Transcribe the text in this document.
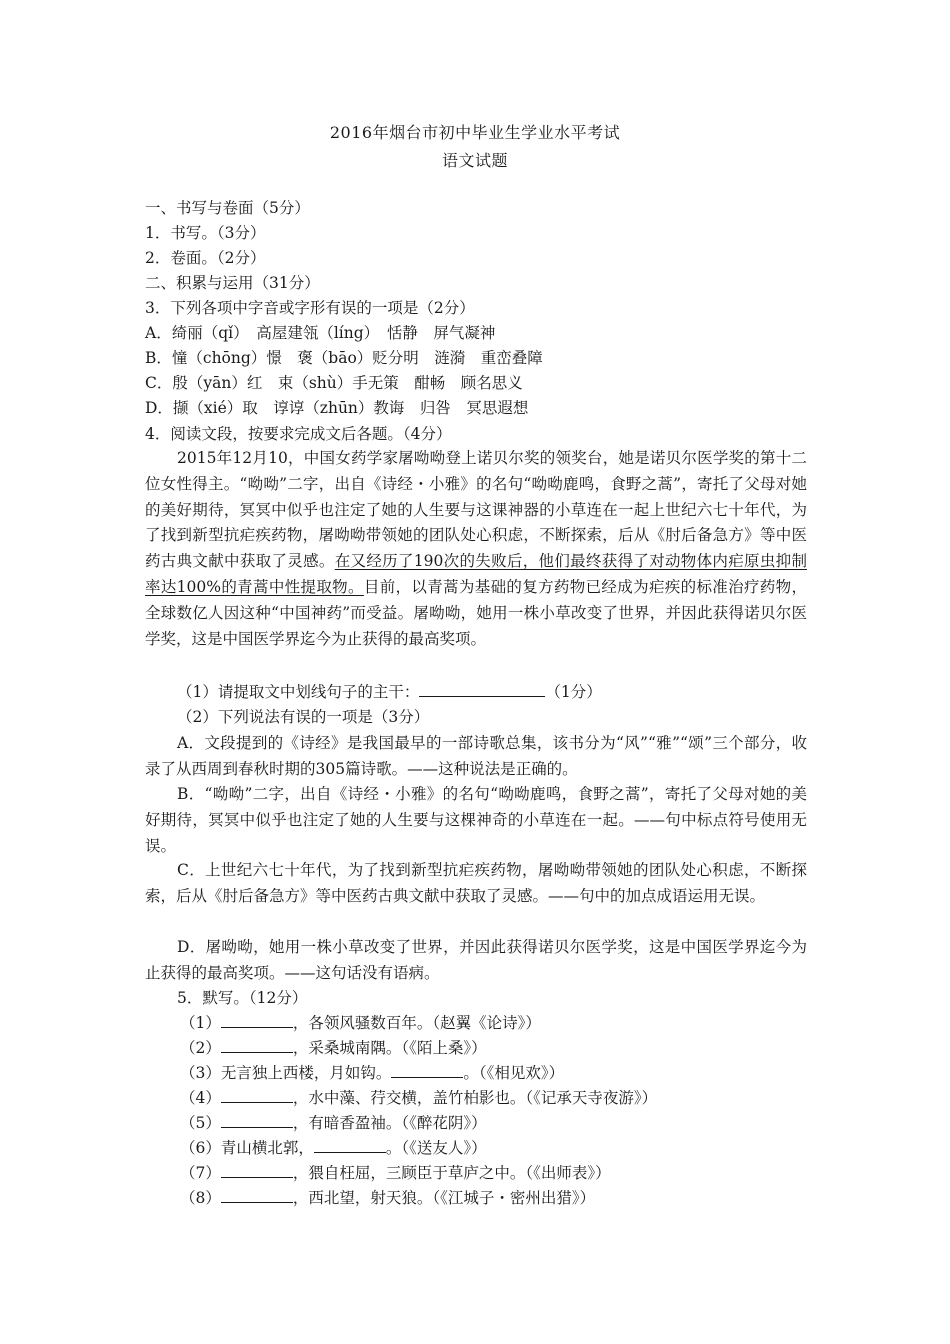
2016年烟台市初中毕业生学业水平考试
语文试题
一、书写与卷面（5分）
1．书写。（3分）
2．卷面。（2分）
二、积累与运用（31分）
3．下列各项中字音或字形有误的一项是（2分）
A．绮丽（qǐ）　高屋建瓴（líng）　恬静　屏气凝神
B．憧（chōng）憬　褒（bāo）贬分明　涟漪　重峦叠障
C．殷（yān）红　束（shù）手无策　酣畅　顾名思义
D．撷（xié）取　谆谆（zhūn）教诲　归咎　冥思遐想
4．阅读文段，按要求完成文后各题。（4分）
2015年12月10，中国女药学家屠呦呦登上诺贝尔奖的领奖台，她是诺贝尔医学奖的第十二位女性得主。“呦呦”二字，出自《诗经・小雅》的名句“呦呦鹿鸣，食野之蒿”，寄托了父母对她的美好期待，冥冥中似乎也注定了她的人生要与这课神器的小草连在一起上世纪六七十年代，为了找到新型抗疟疾药物，屠呦呦带领她的团队处心积虑，不断探索，后从《肘后备急方》等中医药古典文献中获取了灵感。在又经历了190次的失败后，他们最终获得了对动物体内疟原虫抑制率达100%的青蒿中性提取物。目前，以青蒿为基础的复方药物已经成为疟疾的标准治疗药物，全球数亿人因这种“中国神药”而受益。屠呦呦，她用一株小草改变了世界，并因此获得诺贝尔医学奖，这是中国医学界迄今为止获得的最高奖项。
（1）请提取文中划线句子的主干：	（1分）
（2）下列说法有误的一项是（3分）
A．文段提到的《诗经》是我国最早的一部诗歌总集，该书分为“风”“雅”“颂”三个部分，收录了从西周到春秋时期的305篇诗歌。——这种说法是正确的。
B．“呦呦”二字，出自《诗经・小雅》的名句“呦呦鹿鸣，食野之蒿”，寄托了父母对她的美好期待，冥冥中似乎也注定了她的人生要与这棵神奇的小草连在一起。——句中标点符号使用无误。
C．上世纪六七十年代，为了找到新型抗疟疾药物，屠呦呦带领她的团队处心积虑，不断探索，后从《肘后备急方》等中医药古典文献中获取了灵感。——句中的加点成语运用无误。
D．屠呦呦，她用一株小草改变了世界，并因此获得诺贝尔医学奖，这是中国医学界迄今为止获得的最高奖项。——这句话没有语病。
5．默写。（12分）
（1）	，各领风骚数百年。（赵翼《论诗》）
（2）	，采桑城南隅。（《陌上桑》）
（3）无言独上西楼，月如钩。	。（《相见欢》）
（4）	，水中藻、荇交横，盖竹柏影也。（《记承天寺夜游》）
（5）	，有暗香盈袖。（《醉花阴》）
（6）青山横北郭，	。（《送友人》）
（7）	，猥自枉屈，三顾臣于草庐之中。（《出师表》）
（8）	，西北望，射天狼。（《江城子・密州出猎》）
